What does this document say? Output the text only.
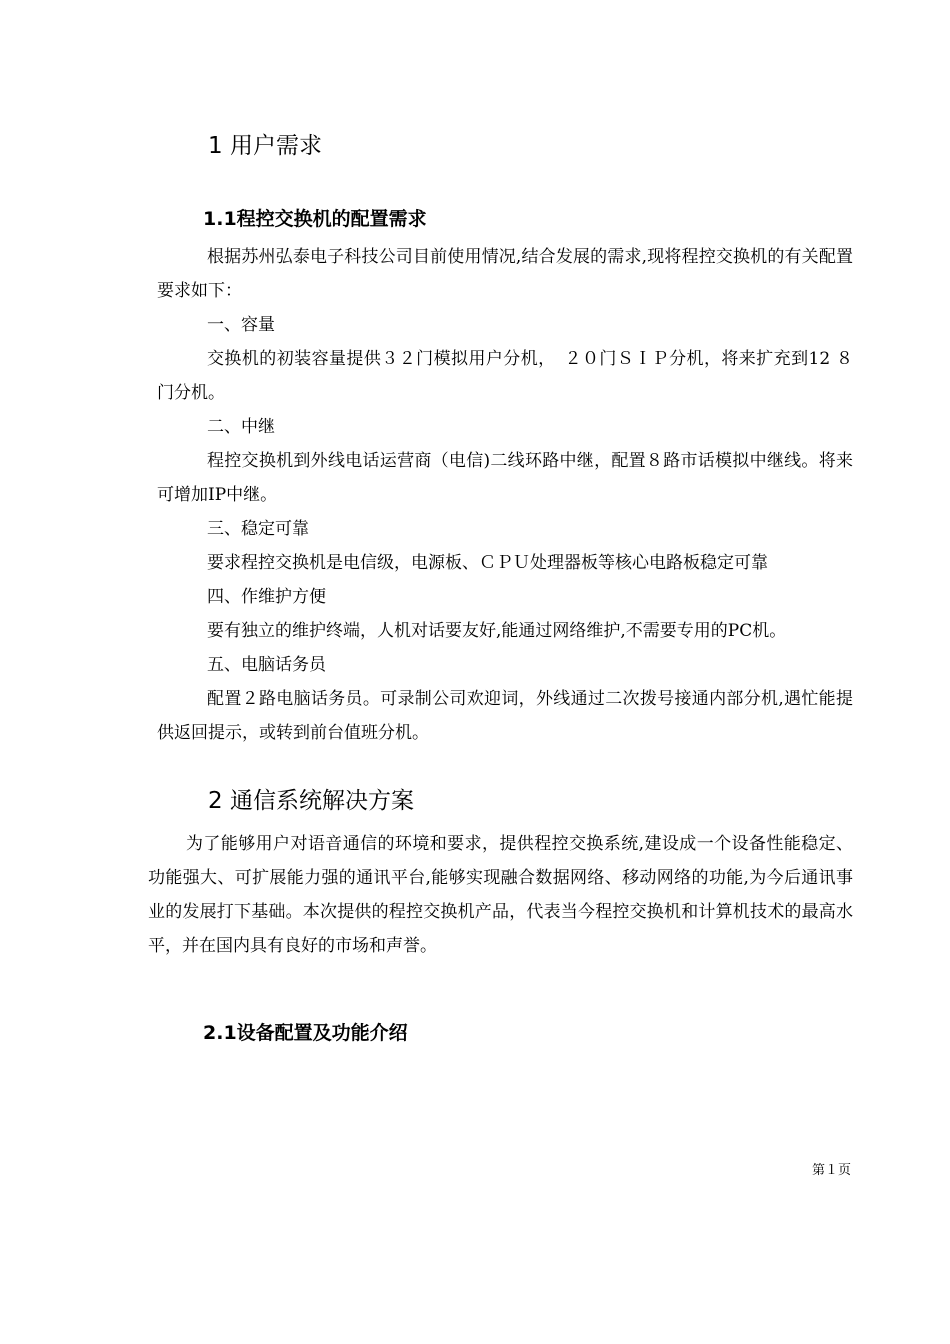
1 用户需求
1.1程控交换机的配置需求

根据苏州弘泰电子科技公司目前使用情况,结合发展的需求,现将程控交换机的有关配置要求如下：

一、容量

交换机的初装容量提供３２门模拟用户分机，　２０门ＳＩＰ分机，将来扩充到12 ８门分机。

二、中继

程控交换机到外线电话运营商（电信)二线环路中继，配置８路市话模拟中继线。将来可增加IP中继。

三、稳定可靠

要求程控交换机是电信级，电源板、ＣＰＵ处理器板等核心电路板稳定可靠

四、作维护方便

要有独立的维护终端，人机对话要友好,能通过网络维护,不需要专用的PC机。

五、电脑话务员

配置２路电脑话务员。可录制公司欢迎词，外线通过二次拨号接通内部分机,遇忙能提供返回提示，或转到前台值班分机。

2 通信系统解决方案

为了能够用户对语音通信的环境和要求，提供程控交换系统,建设成一个设备性能稳定、功能强大、可扩展能力强的通讯平台,能够实现融合数据网络、移动网络的功能,为今后通讯事业的发展打下基础。本次提供的程控交换机产品，代表当今程控交换机和计算机技术的最高水平，并在国内具有良好的市场和声誉。

2.1设备配置及功能介绍
第１页
